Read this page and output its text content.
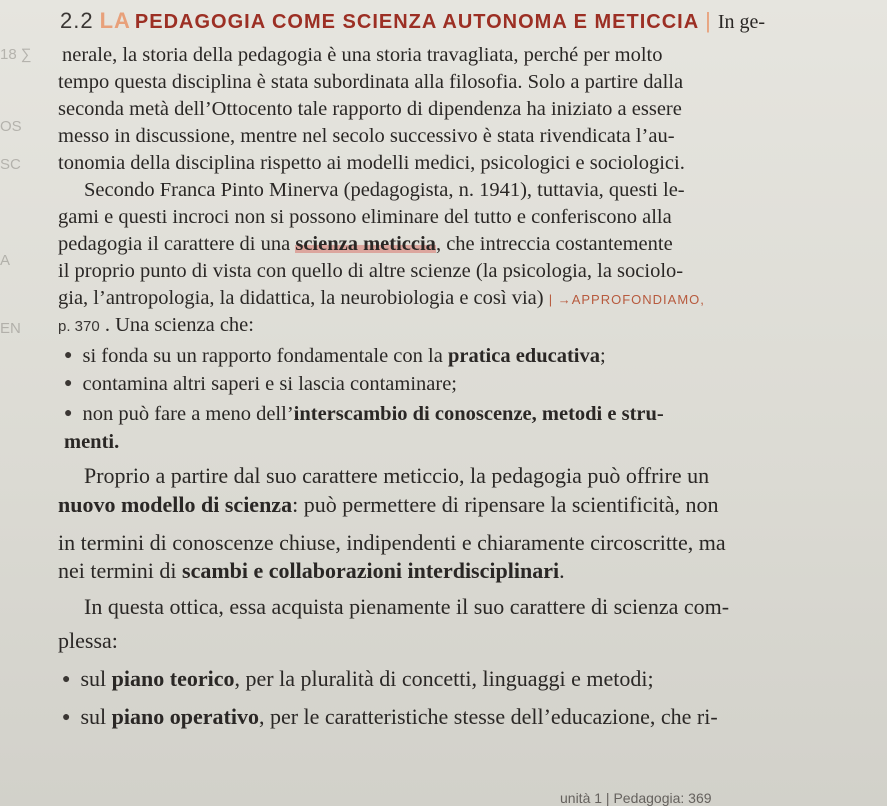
18 ∑
OS
SC
A
EN
2.2 LA PEDAGOGIA COME SCIENZA AUTONOMA E METICCIA | In ge-
nerale, la storia della pedagogia è una storia travagliata, perché per molto
tempo questa disciplina è stata subordinata alla filosofia. Solo a partire dalla
seconda metà dell’Ottocento tale rapporto di dipendenza ha iniziato a essere
messo in discussione, mentre nel secolo successivo è stata rivendicata l’au-
tonomia della disciplina rispetto ai modelli medici, psicologici e sociologici.
Secondo Franca Pinto Minerva (pedagogista, n. 1941), tuttavia, questi le-
gami e questi incroci non si possono eliminare del tutto e conferiscono alla
pedagogia il carattere di una scienza meticcia, che intreccia costantemente
il proprio punto di vista con quello di altre scienze (la psicologia, la sociolo-
gia, l’antropologia, la didattica, la neurobiologia e così via) | →APPROFONDIAMO,
p. 370 . Una scienza che:
● si fonda su un rapporto fondamentale con la pratica educativa;
● contamina altri saperi e si lascia contaminare;
● non può fare a meno dell’interscambio di conoscenze, metodi e stru-
menti.
Proprio a partire dal suo carattere meticcio, la pedagogia può offrire un
nuovo modello di scienza: può permettere di ripensare la scientificità, non
in termini di conoscenze chiuse, indipendenti e chiaramente circoscritte, ma
nei termini di scambi e collaborazioni interdisciplinari.
In questa ottica, essa acquista pienamente il suo carattere di scienza com-
plessa:
● sul piano teorico, per la pluralità di concetti, linguaggi e metodi;
● sul piano operativo, per le caratteristiche stesse dell’educazione, che ri-
unità 1 | Pedagogia: 369
